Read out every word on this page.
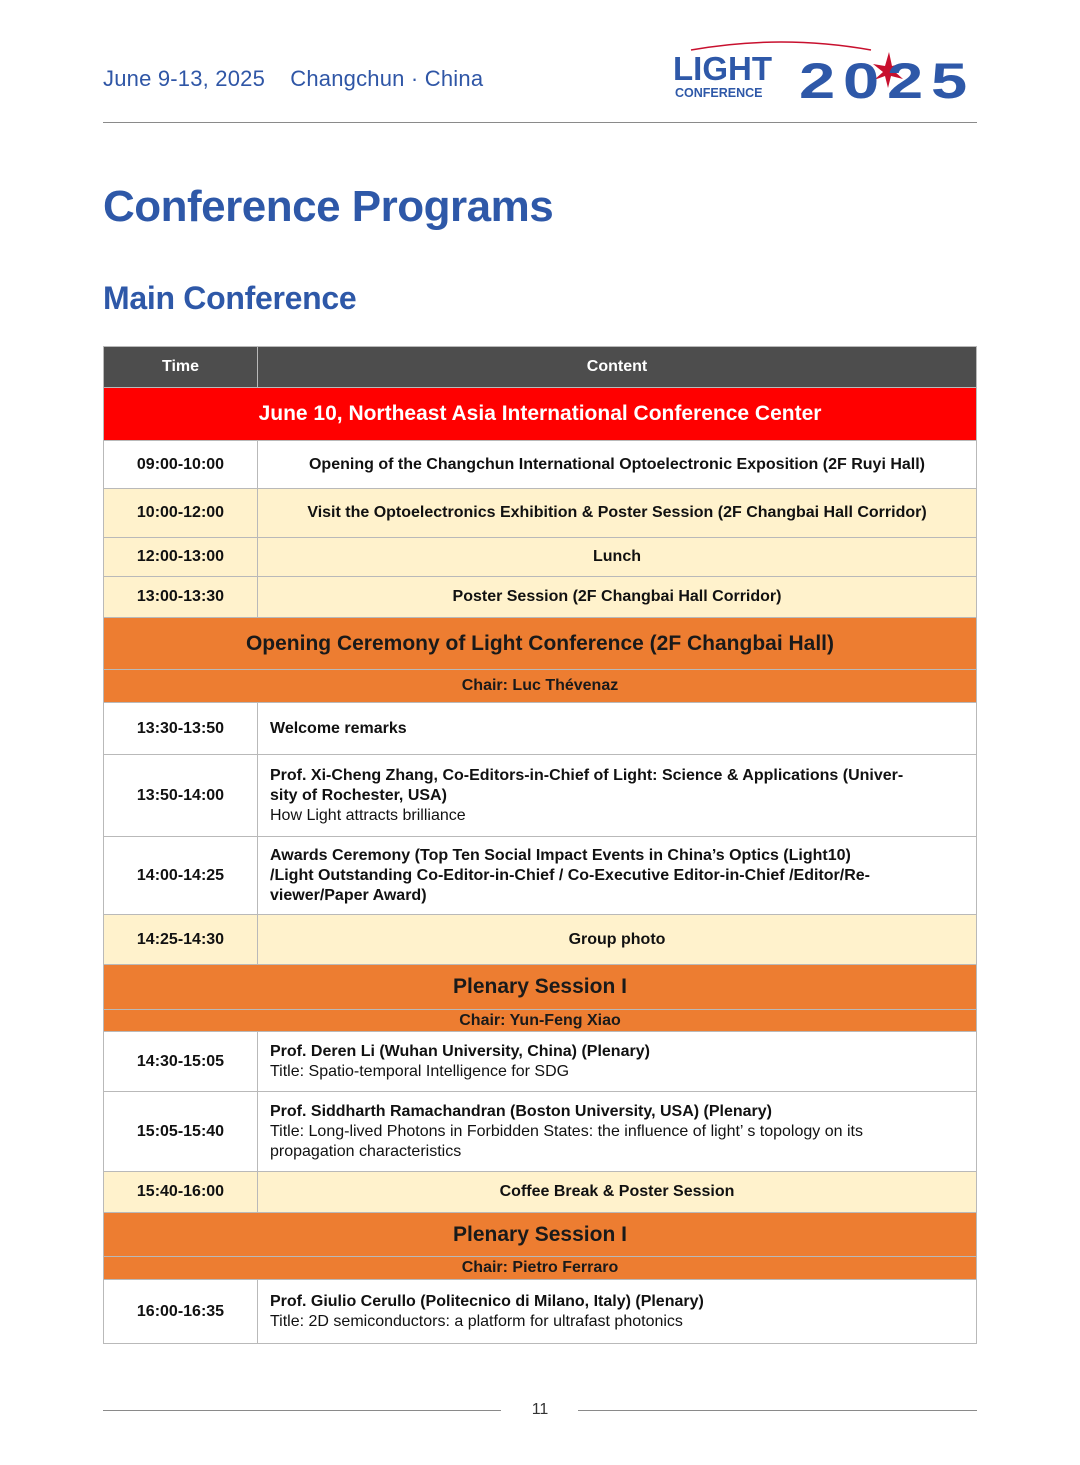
June 9-13, 2025 Changchun · China	LIGHT
CONFERENCE 2025
Conference Programs
Main Conference
Time	Content
June 10, Northeast Asia International Conference Center	
09:00-10:00	Opening of the Changchun International Optoelectronic Exposition (2F Ruyi Hall)
10:00-12:00	Visit the Optoelectronics Exhibition & Poster Session (2F Changbai Hall Corridor)
12:00-13:00	Lunch
13:00-13:30	Poster Session (2F Changbai Hall Corridor)
Opening Ceremony of Light Conference (2F Changbai Hall)	
Chair: Luc Thévenaz	
13:30-13:50	Welcome remarks
13:50-14:00	Prof. Xi-Cheng Zhang, Co-Editors-in-Chief of Light: Science & Applications (Univer-
sity of Rochester, USA)
How Light attracts brilliance

14:00-14:25	Awards Ceremony (Top Ten Social Impact Events in China’s Optics (Light10)
/Light Outstanding Co-Editor-in-Chief / Co-Executive Editor-in-Chief /Editor/Re-
viewer/Paper Award)

14:25-14:30	Group photo
Plenary Session I	
Chair: Yun-Feng Xiao	
14:30-15:05	Prof. Deren Li (Wuhan University, China) (Plenary)
Title: Spatio-temporal Intelligence for SDG

15:05-15:40	Prof. Siddharth Ramachandran (Boston University, USA) (Plenary)
Title: Long-lived Photons in Forbidden States: the influence of light’ s topology on its
propagation characteristics

15:40-16:00	Coffee Break & Poster Session
Plenary Session I	
Chair: Pietro Ferraro	
16:00-16:35	Prof. Giulio Cerullo (Politecnico di Milano, Italy) (Plenary)
Title: 2D semiconductors: a platform for ultrafast photonics
11
